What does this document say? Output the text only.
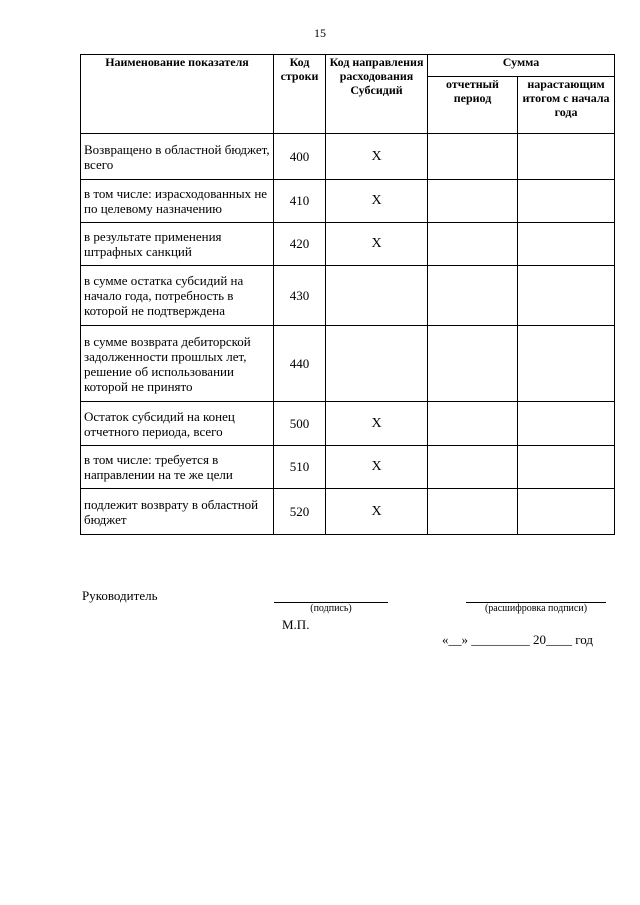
15
Наименование показателя	Код строки	Код направления расходования Субсидий	Сумма	
			отчетный период	нарастающим итогом с начала года
Возвращено в областной бюджет, всего	400	X		
в том числе: израсходованных не по целевому назначению	410	X		
в результате применения штрафных санкций	420	X		
в сумме остатка субсидий на начало года, потребность в которой не подтверждена	430			
в сумме возврата дебиторской задолженности прошлых лет, решение об использовании которой не принято	440			
Остаток субсидий на конец отчетного периода, всего	500	X		
в том числе: требуется в направлении на те же цели	510	X		
подлежит возврату в областной бюджет	520	X		
Руководитель
(подпись)	(расшифровка подписи)
М.П.
«__» _________ 20____ год
